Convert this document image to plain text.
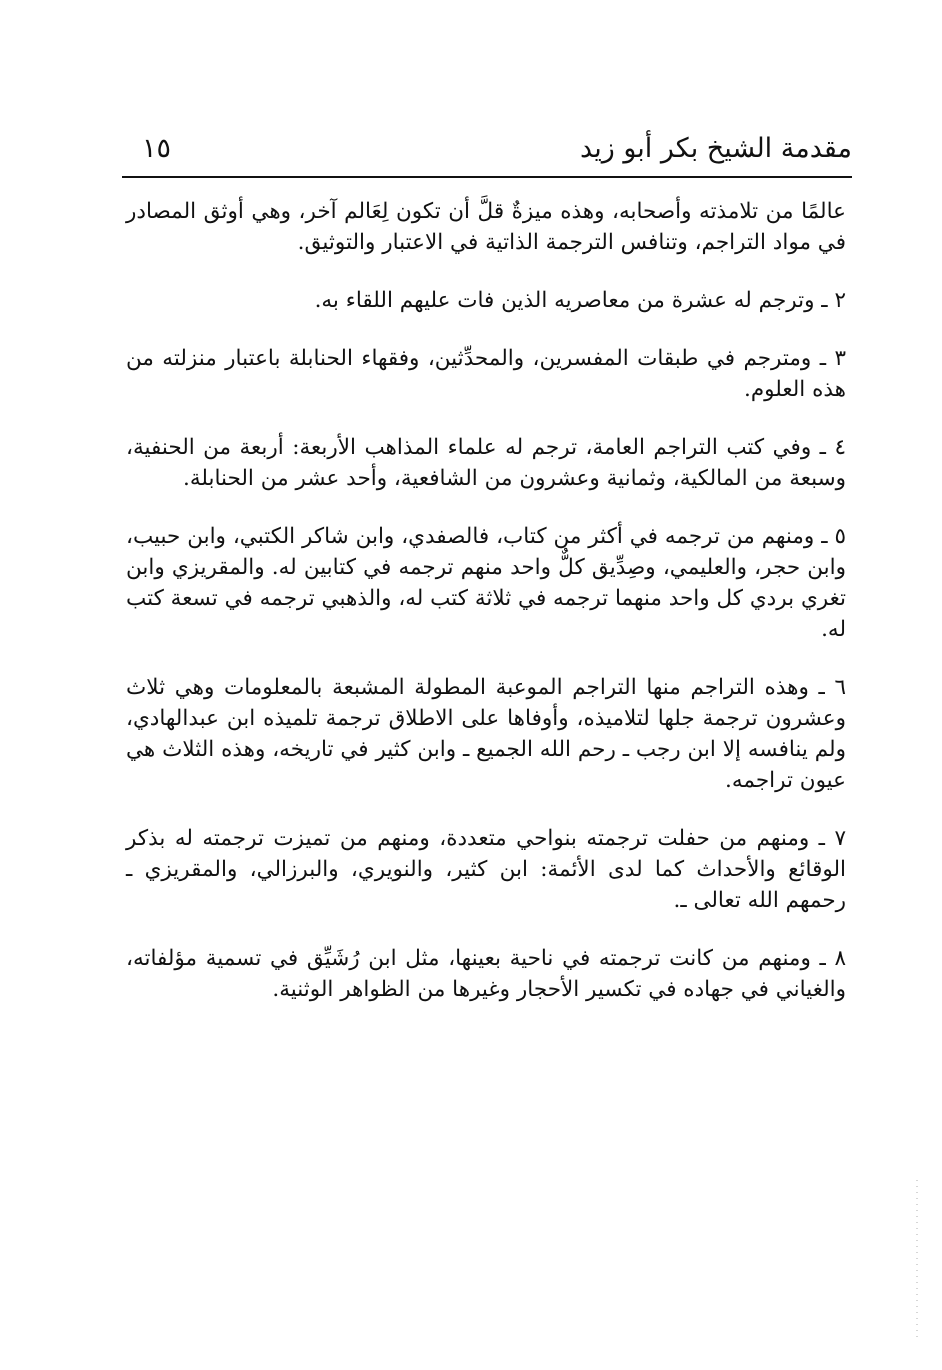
مقدمة الشيخ بكر أبو زيد
١٥

عالمًا من تلامذته وأصحابه، وهذه ميزةٌ قلَّ أن تكون لِعَالم آخر، وهي أوثق المصادر في مواد التراجم، وتنافس الترجمة الذاتية في الاعتبار والتوثيق.

٢ ـ وترجم له عشرة من معاصريه الذين فات عليهم اللقاء به.

٣ ـ ومترجم في طبقات المفسرين، والمحدِّثين، وفقهاء الحنابلة باعتبار منزلته من هذه العلوم.

٤ ـ وفي كتب التراجم العامة، ترجم له علماء المذاهب الأربعة: أربعة من الحنفية، وسبعة من المالكية، وثمانية وعشرون من الشافعية، وأحد عشر من الحنابلة.

٥ ـ ومنهم من ترجمه في أكثر من كتاب، فالصفدي، وابن شاكر الكتبي، وابن حبيب، وابن حجر، والعليمي، وصِدِّيق كلٌّ واحد منهم ترجمه في كتابين له. والمقريزي وابن تغري بردي كل واحد منهما ترجمه في ثلاثة كتب له، والذهبي ترجمه في تسعة كتب له.

٦ ـ وهذه التراجم منها التراجم الموعبة المطولة المشبعة بالمعلومات وهي ثلاث وعشرون ترجمة جلها لتلاميذه، وأوفاها على الاطلاق ترجمة تلميذه ابن عبدالهادي، ولم ينافسه إلا ابن رجب ـ رحم الله الجميع ـ وابن كثير في تاريخه، وهذه الثلاث هي عيون تراجمه.

٧ ـ ومنهم من حفلت ترجمته بنواحي متعددة، ومنهم من تميزت ترجمته له بذكر الوقائع والأحداث كما لدى الأئمة: ابن كثير، والنويري، والبرزالي، والمقريزي ـ رحمهم الله تعالى ـ.

٨ ـ ومنهم من كانت ترجمته في ناحية بعينها، مثل ابن رُشَيِّق في تسمية مؤلفاته، والغياني في جهاده في تكسير الأحجار وغيرها من الظواهر الوثنية.
